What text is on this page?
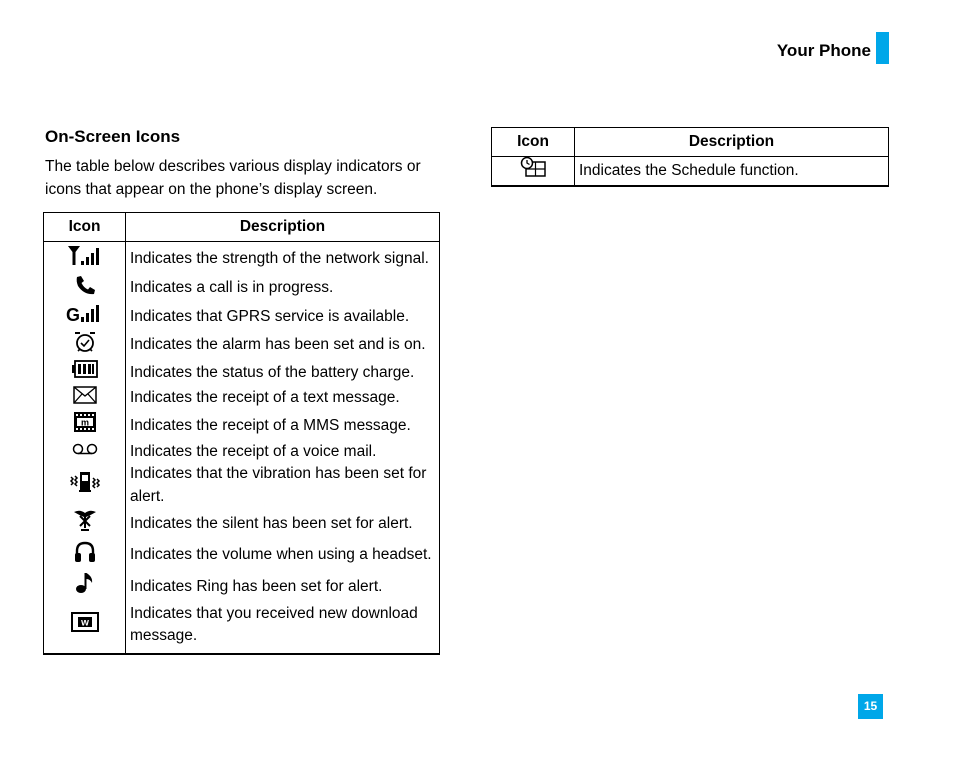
Your Phone
On-Screen Icons
The table below describes various display indicators or icons that appear on the phone’s display screen.
Icon	Description
	Indicates the strength of the network signal.
	Indicates a call is in progress.

G	Indicates that GPRS service is available.
	Indicates the alarm has been set and is on.
	Indicates the status of the battery charge.
	Indicates the receipt of a text message.

m	Indicates the receipt of a MMS message.
	Indicates the receipt of a voice mail.
	Indicates that the vibration has been set for alert.
	Indicates the silent has been set for alert.
	Indicates the volume when using a headset.
	Indicates Ring has been set for alert.

w	Indicates that you received new download message.
Icon	Description
	Indicates the Schedule function.
15
